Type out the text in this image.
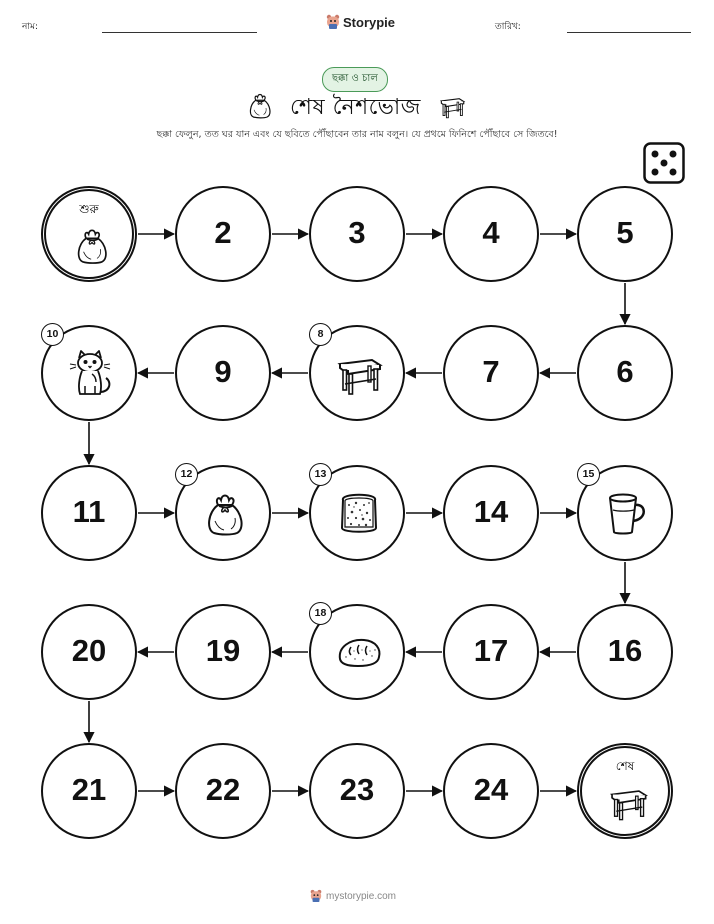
নাম:	Storypie	তারিখ:
ছক্কা ও চাল
শেষ নৈশভোজ
ছক্কা ফেলুন, তত ঘর যান এবং যে ছবিতে পৌঁছাবেন তার নাম বলুন। যে প্রথমে ফিনিশে পৌঁছাবে সে জিতবে!
শুরু
2	3	4	5
6
7
8
9
10
11
12	13
14
15
16
17
18
19
20
21	22	23	24
শেষ
mystorypie.com
